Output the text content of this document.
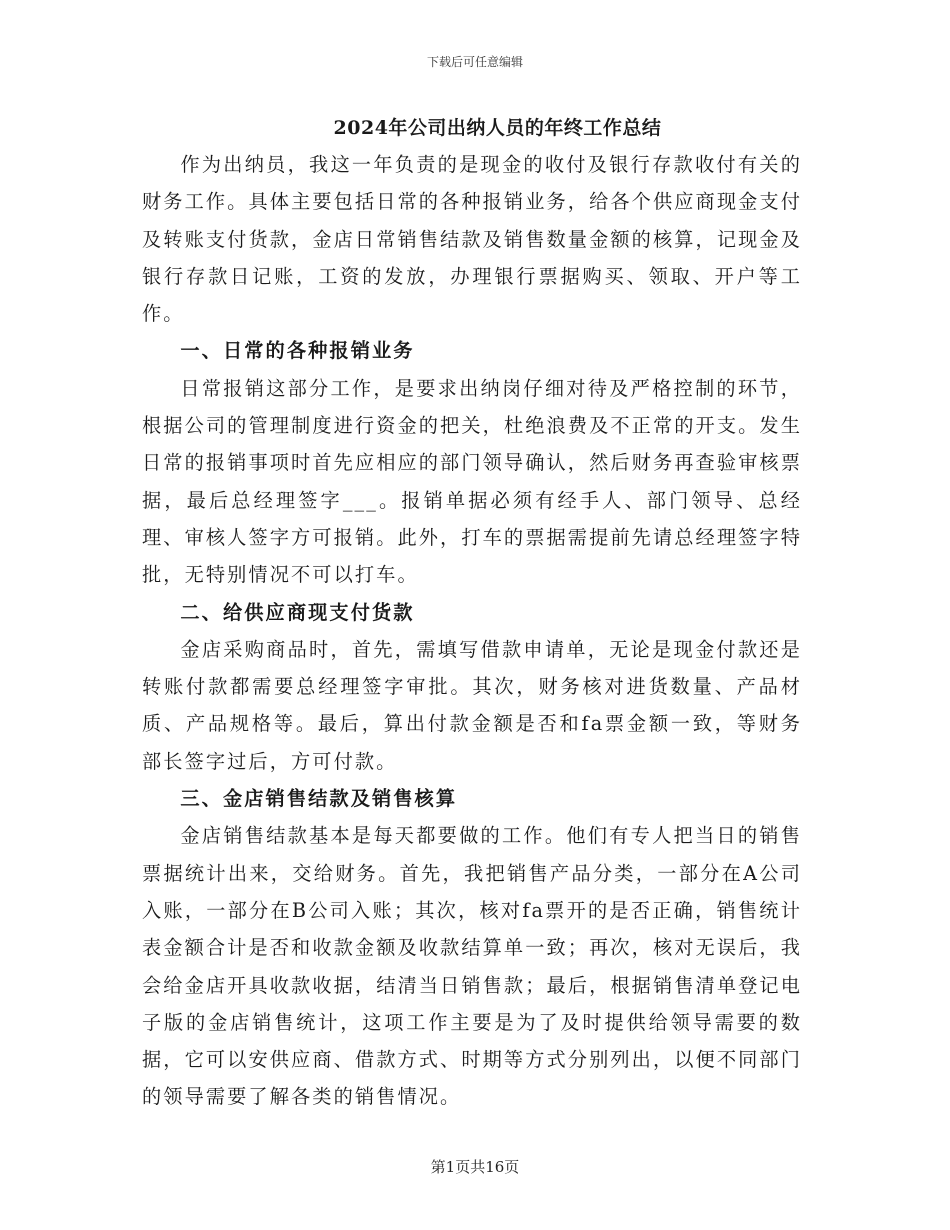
下载后可任意编辑
2024年公司出纳人员的年终工作总结

作为出纳员，我这一年负责的是现金的收付及银行存款收付有关的财务工作。具体主要包括日常的各种报销业务，给各个供应商现金支付及转账支付货款，金店日常销售结款及销售数量金额的核算，记现金及银行存款日记账，工资的发放，办理银行票据购买、领取、开户等工作。

一、日常的各种报销业务

日常报销这部分工作，是要求出纳岗仔细对待及严格控制的环节，根据公司的管理制度进行资金的把关，杜绝浪费及不正常的开支。发生日常的报销事项时首先应相应的部门领导确认，然后财务再查验审核票据，最后总经理签字___。报销单据必须有经手人、部门领导、总经理、审核人签字方可报销。此外，打车的票据需提前先请总经理签字特批，无特别情况不可以打车。

二、给供应商现支付货款

金店采购商品时，首先，需填写借款申请单，无论是现金付款还是转账付款都需要总经理签字审批。其次，财务核对进货数量、产品材质、产品规格等。最后，算出付款金额是否和fa票金额一致，等财务部长签字过后，方可付款。

三、金店销售结款及销售核算

金店销售结款基本是每天都要做的工作。他们有专人把当日的销售票据统计出来，交给财务。首先，我把销售产品分类，一部分在A公司入账，一部分在B公司入账；其次，核对fa票开的是否正确，销售统计表金额合计是否和收款金额及收款结算单一致；再次，核对无误后，我会给金店开具收款收据，结清当日销售款；最后，根据销售清单登记电子版的金店销售统计，这项工作主要是为了及时提供给领导需要的数据，它可以安供应商、借款方式、时期等方式分别列出，以便不同部门的领导需要了解各类的销售情况。

第1页共16页
